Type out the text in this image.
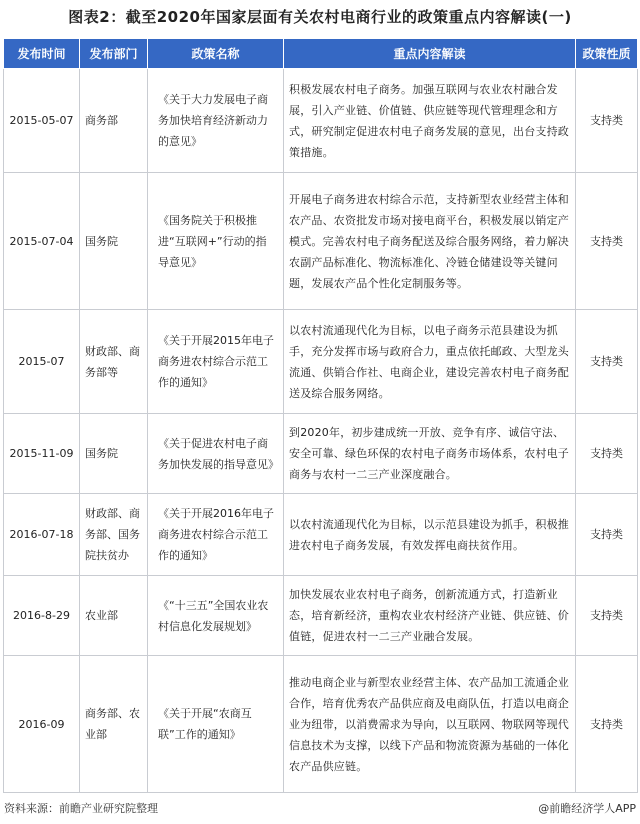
图表2：截至2020年国家层面有关农村电商行业的政策重点内容解读(一)
发布时间	发布部门	政策名称	重点内容解读	政策性质
2015-05-07	商务部	《关于大力发展电子商务加快培育经济新动力的意见》	积极发展农村电子商务。加强互联网与农业农村融合发展，引入产业链、价值链、供应链等现代管理理念和方式，研究制定促进农村电子商务发展的意见，出台支持政策措施。	支持类
2015-07-04	国务院	《国务院关于积极推进“互联网+”行动的指导意见》	开展电子商务进农村综合示范，支持新型农业经营主体和农产品、农资批发市场对接电商平台，积极发展以销定产模式。完善农村电子商务配送及综合服务网络，着力解决农副产品标准化、物流标准化、冷链仓储建设等关键问题，发展农产品个性化定制服务等。	支持类
2015-07	财政部、商务部等	《关于开展2015年电子商务进农村综合示范工作的通知》	以农村流通现代化为目标，以电子商务示范县建设为抓手，充分发挥市场与政府合力，重点依托邮政、大型龙头流通、供销合作社、电商企业，建设完善农村电子商务配送及综合服务网络。	支持类
2015-11-09	国务院	《关于促进农村电子商务加快发展的指导意见》	到2020年，初步建成统一开放、竞争有序、诚信守法、安全可靠、绿色环保的农村电子商务市场体系，农村电子商务与农村一二三产业深度融合。	支持类
2016-07-18	财政部、商务部、国务院扶贫办	《关于开展2016年电子商务进农村综合示范工作的通知》	以农村流通现代化为目标，以示范县建设为抓手，积极推进农村电子商务发展，有效发挥电商扶贫作用。	支持类
2016-8-29	农业部	《“十三五”全国农业农村信息化发展规划》	加快发展农业农村电子商务，创新流通方式，打造新业态，培育新经济，重构农业农村经济产业链、供应链、价值链，促进农村一二三产业融合发展。	支持类
2016-09	商务部、农业部	《关于开展“农商互联”工作的通知》	推动电商企业与新型农业经营主体、农产品加工流通企业合作，培育优秀农产品供应商及电商队伍，打造以电商企业为纽带，以消费需求为导向，以互联网、物联网等现代信息技术为支撑，以线下产品和物流资源为基础的一体化农产品供应链。	支持类
资料来源：前瞻产业研究院整理	@前瞻经济学人APP
